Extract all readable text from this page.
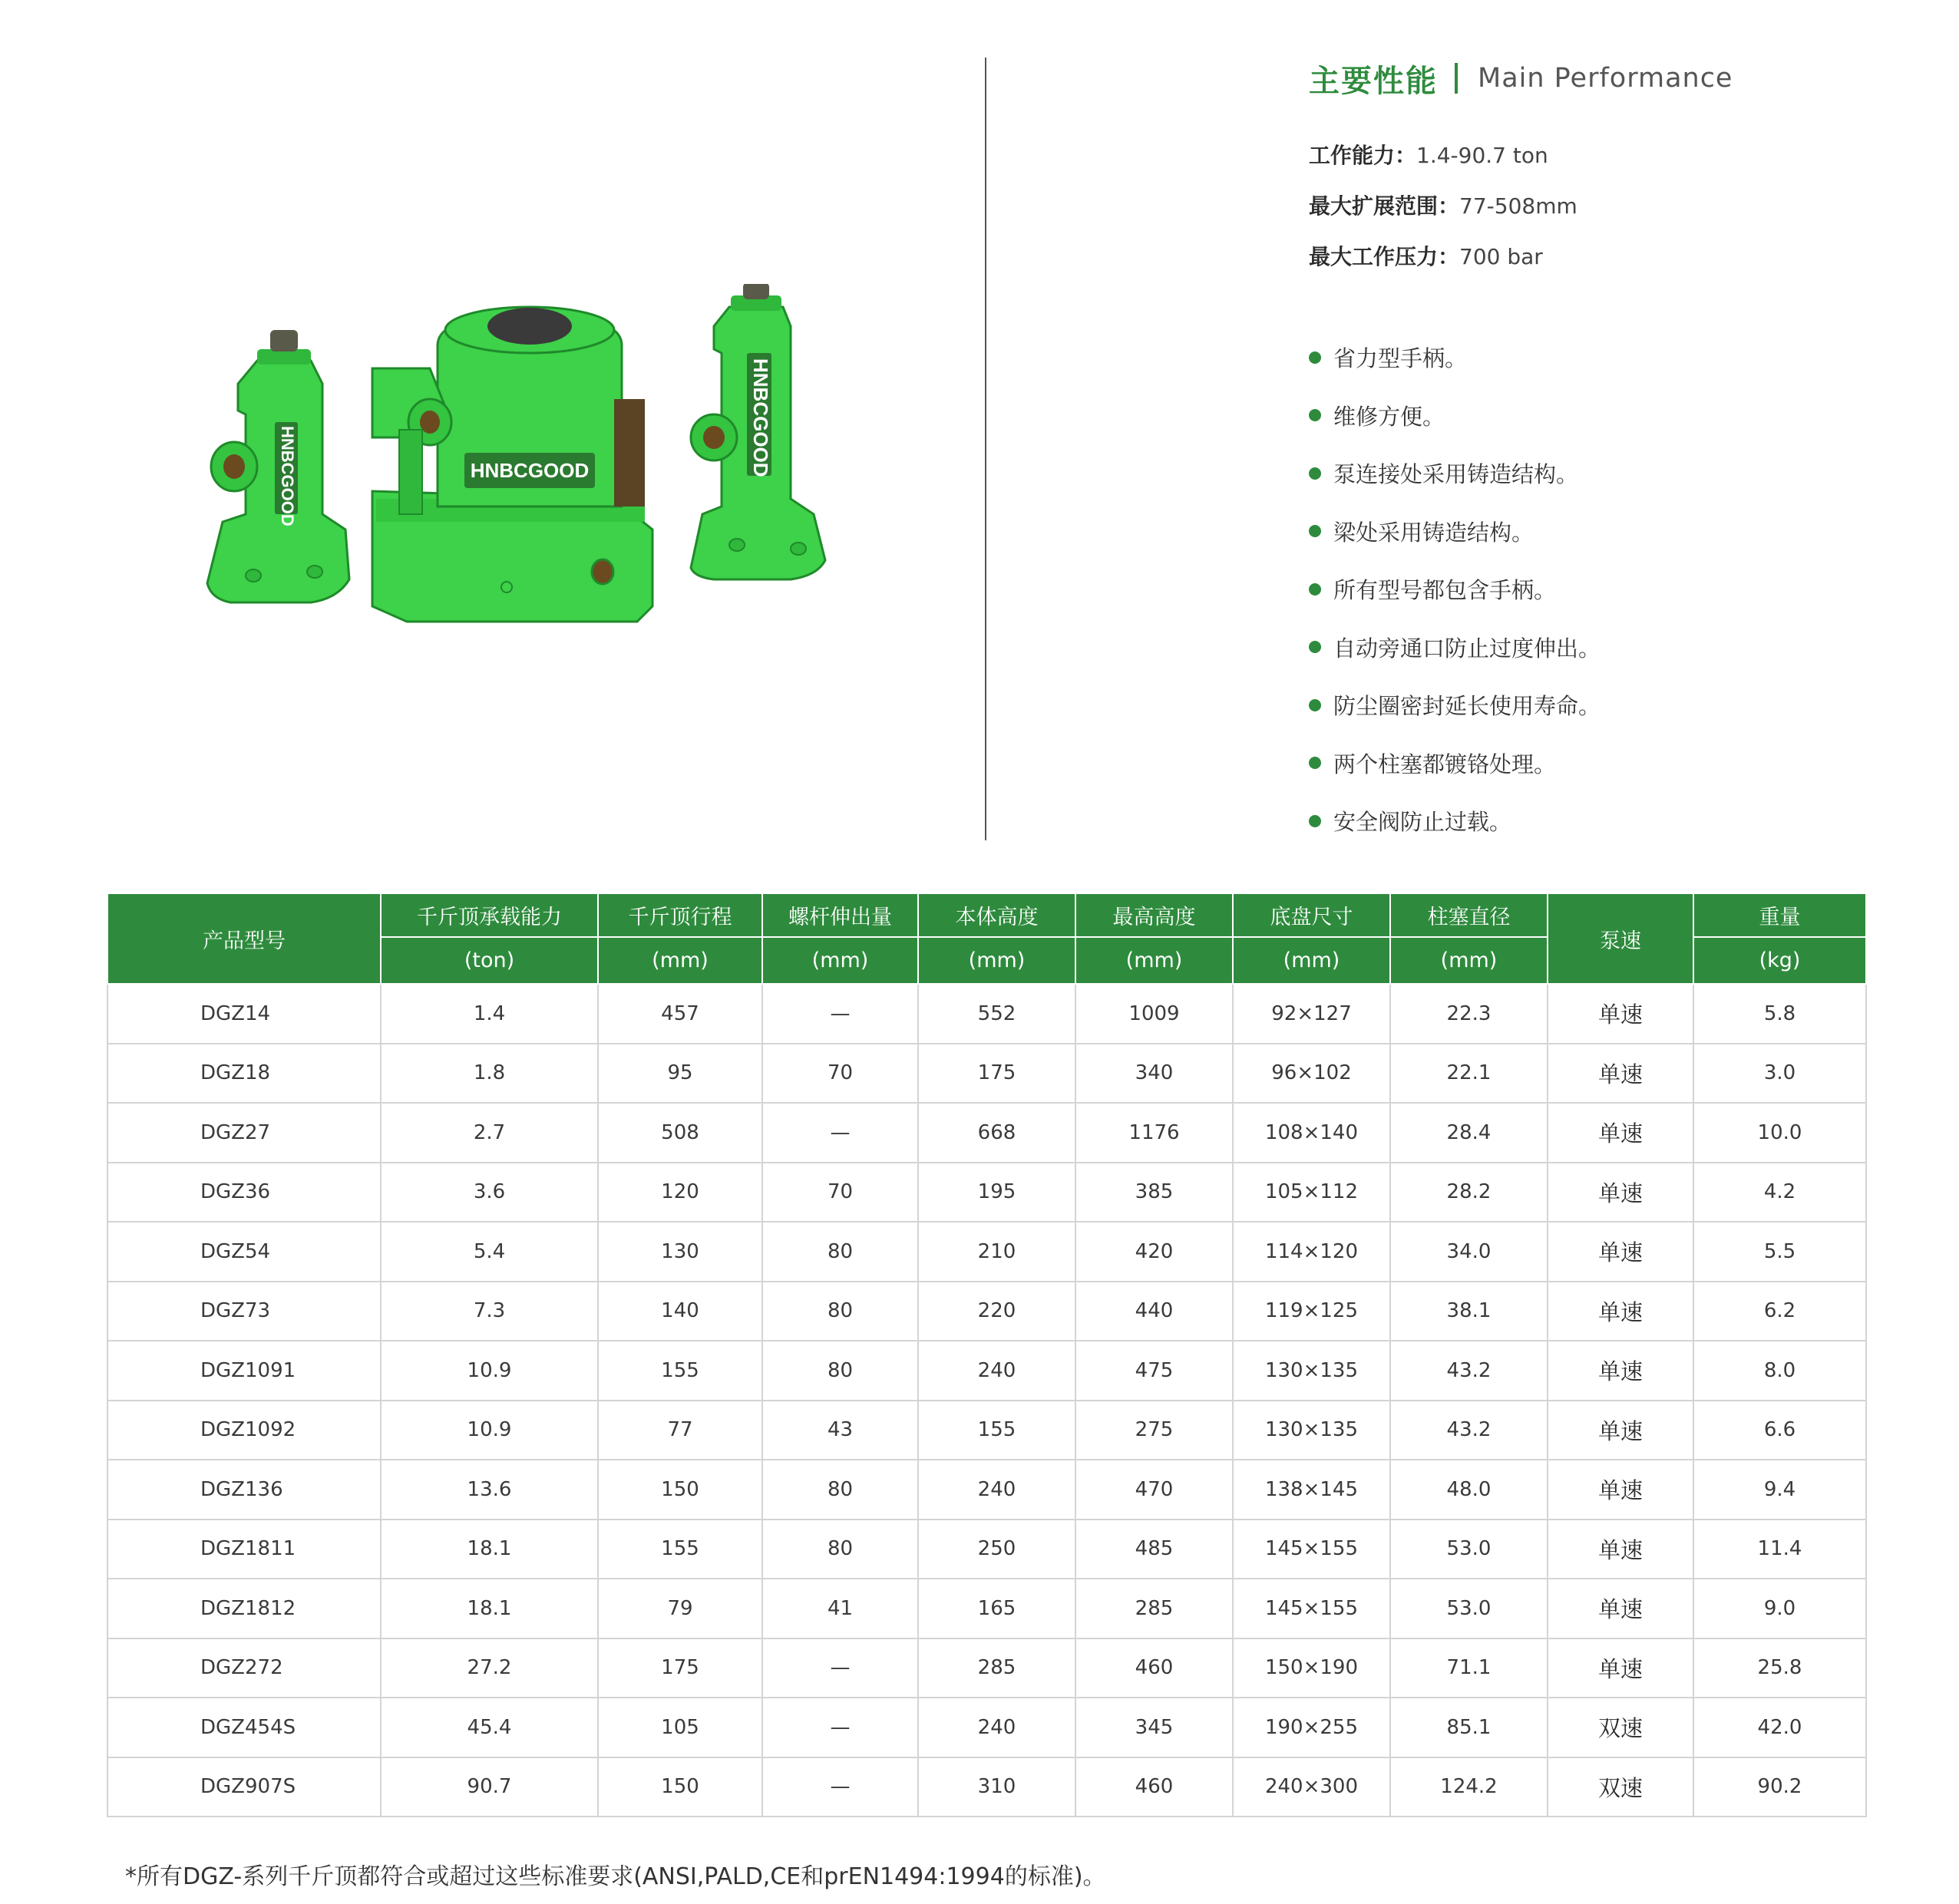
HNBCGOOD	HNBCGOOD	HNBCGOOD
主要性能 Main Performance
工作能力：1.4-90.7 ton
最大扩展范围：77-508mm
最大工作压力：700 bar
省力型手柄。
维修方便。
泵连接处采用铸造结构。
梁处采用铸造结构。
所有型号都包含手柄。
自动旁通口防止过度伸出。
防尘圈密封延长使用寿命。
两个柱塞都镀铬处理。
安全阀防止过载。
产品型号	千斤顶承载能力	千斤顶行程	螺杆伸出量	本体高度	最高高度	底盘尺寸	柱塞直径	泵速	重量
	(ton)	(mm)	(mm)	(mm)	(mm)	(mm)	(mm)		(kg)
DGZ14	1.4	457	—	552	1009	92×127	22.3	单速	5.8
DGZ18	1.8	95	70	175	340	96×102	22.1	单速	3.0
DGZ27	2.7	508	—	668	1176	108×140	28.4	单速	10.0
DGZ36	3.6	120	70	195	385	105×112	28.2	单速	4.2
DGZ54	5.4	130	80	210	420	114×120	34.0	单速	5.5
DGZ73	7.3	140	80	220	440	119×125	38.1	单速	6.2
DGZ1091	10.9	155	80	240	475	130×135	43.2	单速	8.0
DGZ1092	10.9	77	43	155	275	130×135	43.2	单速	6.6
DGZ136	13.6	150	80	240	470	138×145	48.0	单速	9.4
DGZ1811	18.1	155	80	250	485	145×155	53.0	单速	11.4
DGZ1812	18.1	79	41	165	285	145×155	53.0	单速	9.0
DGZ272	27.2	175	—	285	460	150×190	71.1	单速	25.8
DGZ454S	45.4	105	—	240	345	190×255	85.1	双速	42.0
DGZ907S	90.7	150	—	310	460	240×300	124.2	双速	90.2
*所有DGZ-系列千斤顶都符合或超过这些标准要求(ANSI,PALD,CE和prEN1494:1994的标准)。
